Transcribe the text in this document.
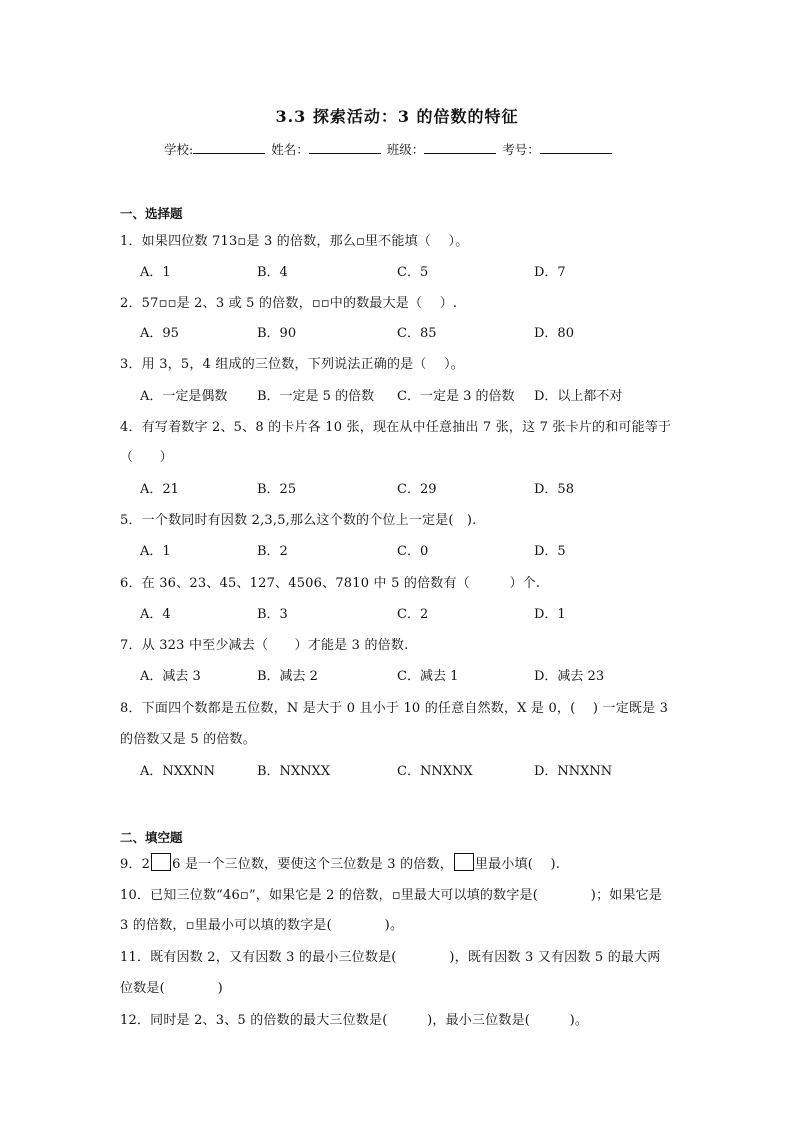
3.3 探索活动：3 的倍数的特征
学校:	姓名：	班级：	考号：
一、选择题
1．如果四位数 713▫是 3 的倍数，那么▫里不能填（　 ）。
A．1	B．4	C．5	D．7
2．57▫▫是 2、3 或 5 的倍数，▫▫中的数最大是（　 ）.
A．95	B．90	C．85	D．80
3．用 3，5，4 组成的三位数，下列说法正确的是（　 ）。
A．一定是偶数 B．一定是 5 的倍数 C．一定是 3 的倍数 D．以上都不对
4．有写着数字 2、5、8 的卡片各 10 张，现在从中任意抽出 7 张，这 7 张卡片的和可能等于
（　　）
A．21	B．25	C．29	D．58
5．一个数同时有因数 2,3,5,那么这个数的个位上一定是(　).
A．1	B．2	C．0	D．5
6．在 36、23、45、127、4506、7810 中 5 的倍数有（　　　）个.
A．4	B．3	C．2	D．1
7．从 323 中至少减去（　　）才能是 3 的倍数.
A．减去 3	B．减去 2	C．减去 1	D．减去 23
8．下面四个数都是五位数，N 是大于 0 且小于 10 的任意自然数，X 是 0，(　 ) 一定既是 3
的倍数又是 5 的倍数。
A．NXXNN	B．NXNXX	C．NNXNX	D．NNXNN
二、填空题
9．2 6 是一个三位数，要使这个三位数是 3 的倍数， 里最小填(　 ).
10．已知三位数“46▫”，如果它是 2 的倍数，▫里最大可以填的数字是(　　　　)；如果它是
3 的倍数，▫里最小可以填的数字是(　　　　)。
11．既有因数 2，又有因数 3 的最小三位数是(　　　　)，既有因数 3 又有因数 5 的最大两
位数是(　　　　)
12．同时是 2、3、5 的倍数的最大三位数是(　　　)，最小三位数是(　　　)。
